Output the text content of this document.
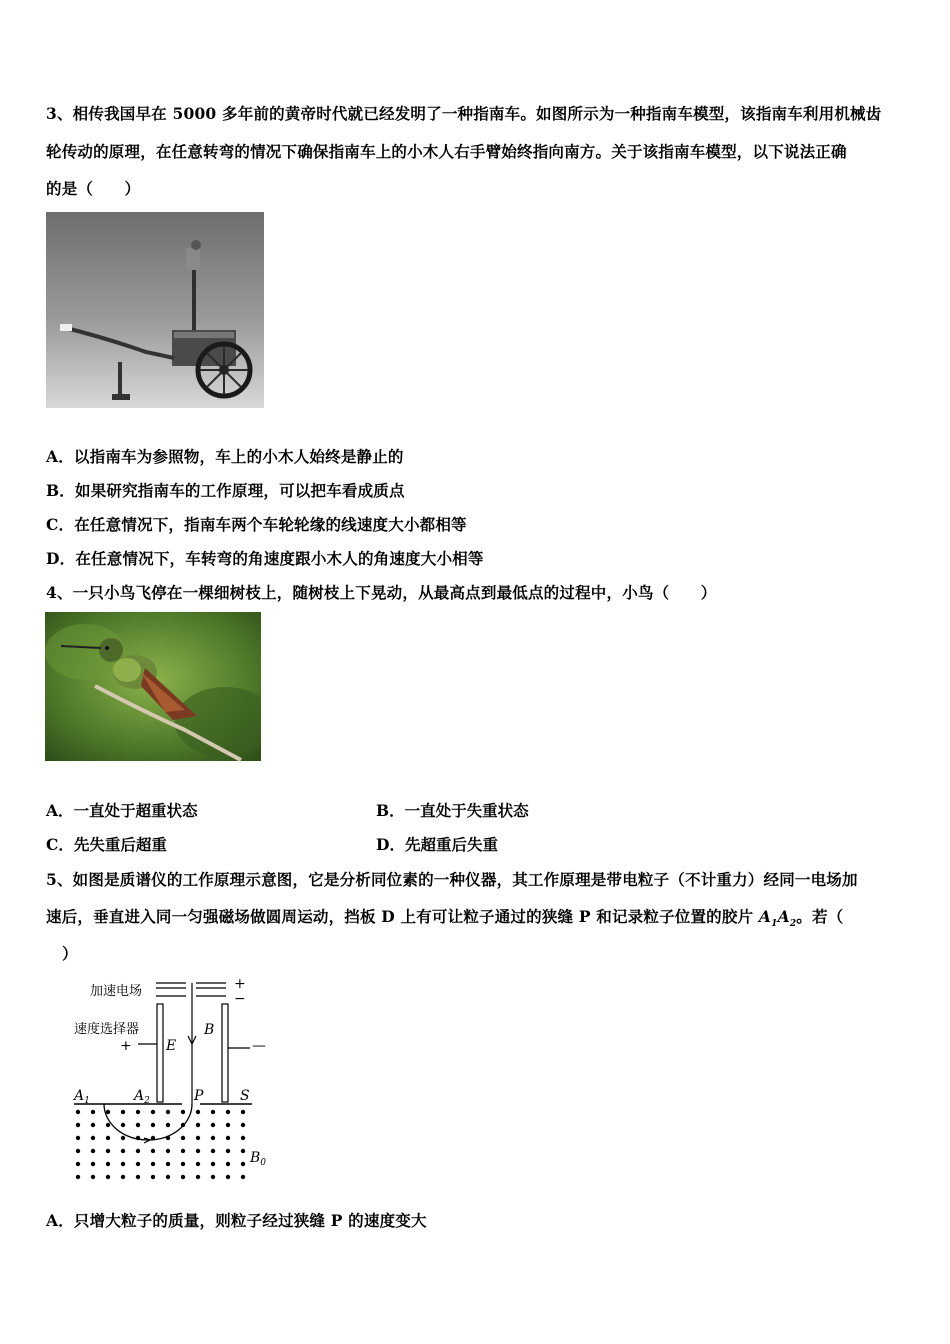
3、相传我国早在 5000 多年前的黄帝时代就已经发明了一种指南车。如图所示为一种指南车模型，该指南车利用机械齿
轮传动的原理，在任意转弯的情况下确保指南车上的小木人右手臂始终指向南方。关于该指南车模型，以下说法正确
的是（　　）
A．以指南车为参照物，车上的小木人始终是静止的
B．如果研究指南车的工作原理，可以把车看成质点
C．在任意情况下，指南车两个车轮轮缘的线速度大小都相等
D．在任意情况下，车转弯的角速度跟小木人的角速度大小相等
4、一只小鸟飞停在一棵细树枝上，随树枝上下晃动，从最高点到最低点的过程中，小鸟（　　）
A．一直处于超重状态	B．一直处于失重状态
C．先失重后超重	D．先超重后失重
5、如图是质谱仪的工作原理示意图，它是分析同位素的一种仪器，其工作原理是带电粒子（不计重力）经同一电场加
速后，垂直进入同一匀强磁场做圆周运动，挡板 D 上有可让粒子通过的狭缝 P 和记录粒子位置的胶片 $A_1A_2$。若（
）
加速电场
速度选择器
+
−
+	—
E
B
$A_1$	$A_2$	P	S
$B_0$
A．只增大粒子的质量，则粒子经过狭缝 P 的速度变大
